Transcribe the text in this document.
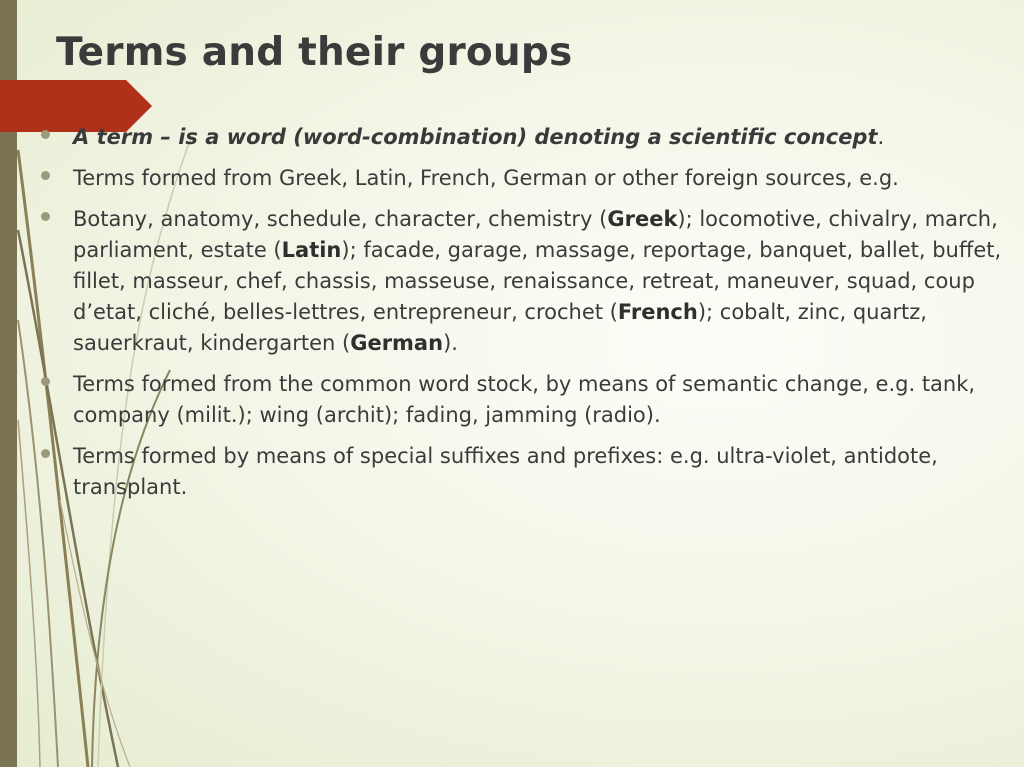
Terms and their groups
A term – is a word (word-combination) denoting a scientific concept.
Terms formed from Greek, Latin, French, German or other foreign sources, e.g.
Botany, anatomy, schedule, character, chemistry (Greek); locomotive, chivalry, march, parliament, estate (Latin); facade, garage, massage, reportage, banquet, ballet, buffet, fillet, masseur, chef, chassis, masseuse, renaissance, retreat, maneuver, squad, coup d’etat, cliché, belles-lettres, entrepreneur, crochet (French); cobalt, zinc, quartz, sauerkraut, kindergarten (German).
Terms formed from the common word stock, by means of semantic change, e.g. tank, company (milit.); wing (archit); fading, jamming (radio).
Terms formed by means of special suffixes and prefixes: e.g. ultra-violet, antidote, transplant.
